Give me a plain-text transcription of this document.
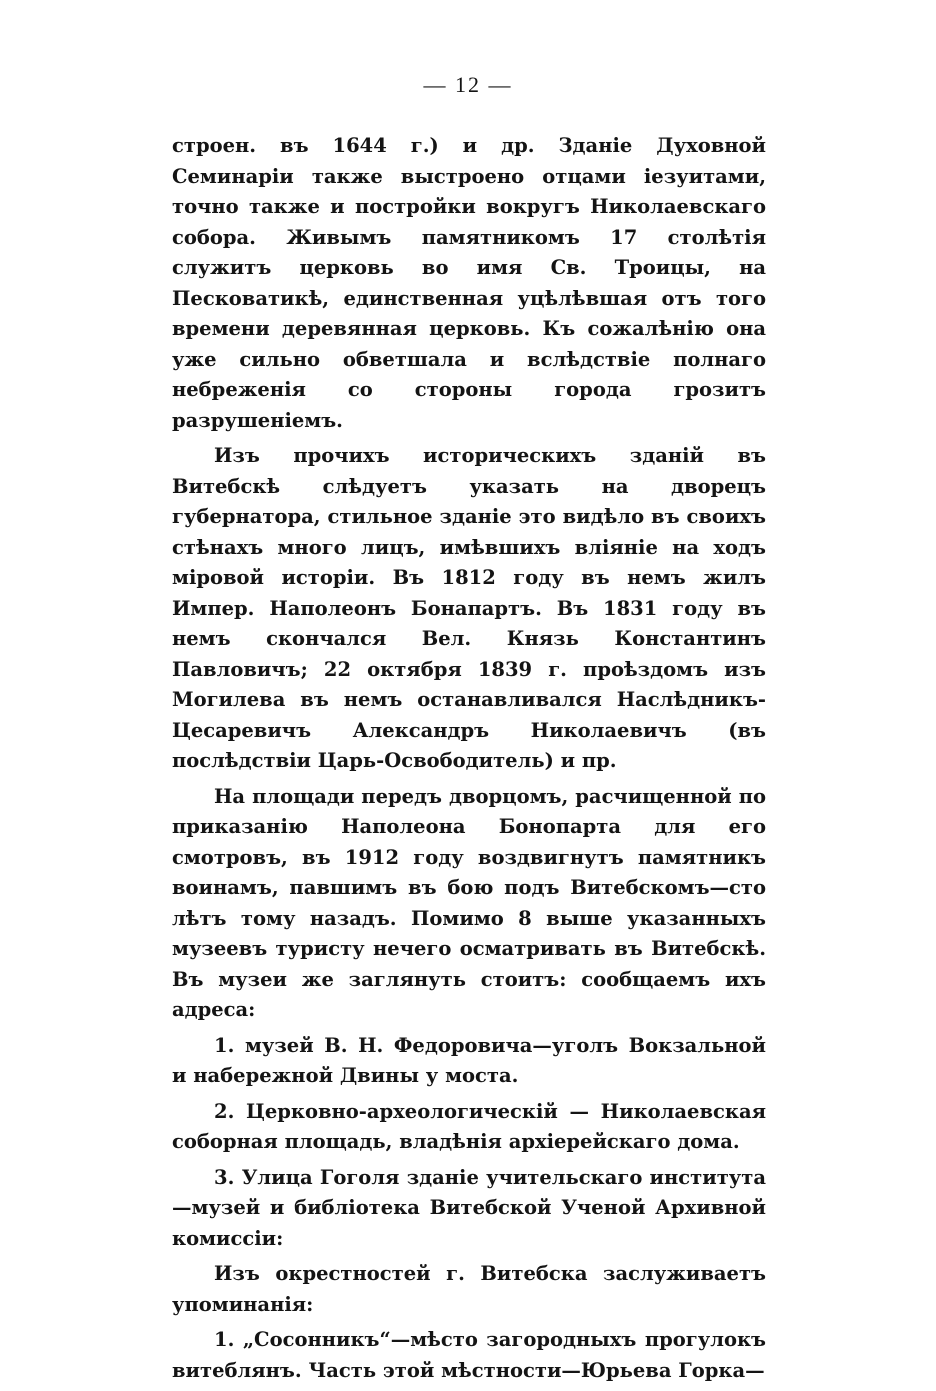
— 12 —

строен. въ 1644 г.) и др. Зданіе Духовной Семинаріи также выстроено отцами іезуитами, точно также и постройки вокругъ Николаевскаго собора. Живымъ памятникомъ 17 столѣтія служитъ церковь во имя Св. Троицы, на Песковатикѣ, единственная уцѣлѣвшая отъ того времени деревянная церковь. Къ сожалѣнію она уже сильно обветшала и вслѣдствіе полнаго небреженія со стороны города грозитъ разрушеніемъ.

Изъ прочихъ историческихъ зданій въ Витебскѣ слѣдуетъ указать на дворецъ губернатора, стильное зданіе это видѣло въ своихъ стѣнахъ много лицъ, имѣвшихъ вліяніе на ходъ міровой исторіи. Въ 1812 году въ немъ жилъ Импер. Наполеонъ Бонапартъ. Въ 1831 году въ немъ скончался Вел. Князь Константинъ Павловичъ; 22 октября 1839 г. проѣздомъ изъ Могилева въ немъ останавливался Наслѣдникъ-Цесаревичъ Александръ Николаевичъ (въ послѣдствіи Царь-Освободитель) и пр.

На площади передъ дворцомъ, расчищенной по приказанію Наполеона Бонопарта для его смотровъ, въ 1912 году воздвигнутъ памятникъ воинамъ, павшимъ въ бою подъ Витебскомъ—сто лѣтъ тому назадъ. Помимо 8 выше указанныхъ музеевъ туристу нечего осматривать въ Витебскѣ. Въ музеи же заглянуть стоитъ: сообщаемъ ихъ адреса:

1. музей В. Н. Федоровича—уголъ Вокзальной и набережной Двины у моста.

2. Церковно-археологическій — Николаевская соборная площадь, владѣнія архіерейскаго дома.

3. Улица Гоголя зданіе учительскаго института—музей и библіотека Витебской Ученой Архивной комиссіи:

Изъ окрестностей г. Витебска заслуживаетъ упоминанія:

1. „Сосонникъ“—мѣсто загородныхъ прогулокъ витеблянъ. Часть этой мѣстности—Юрьева Горка—
